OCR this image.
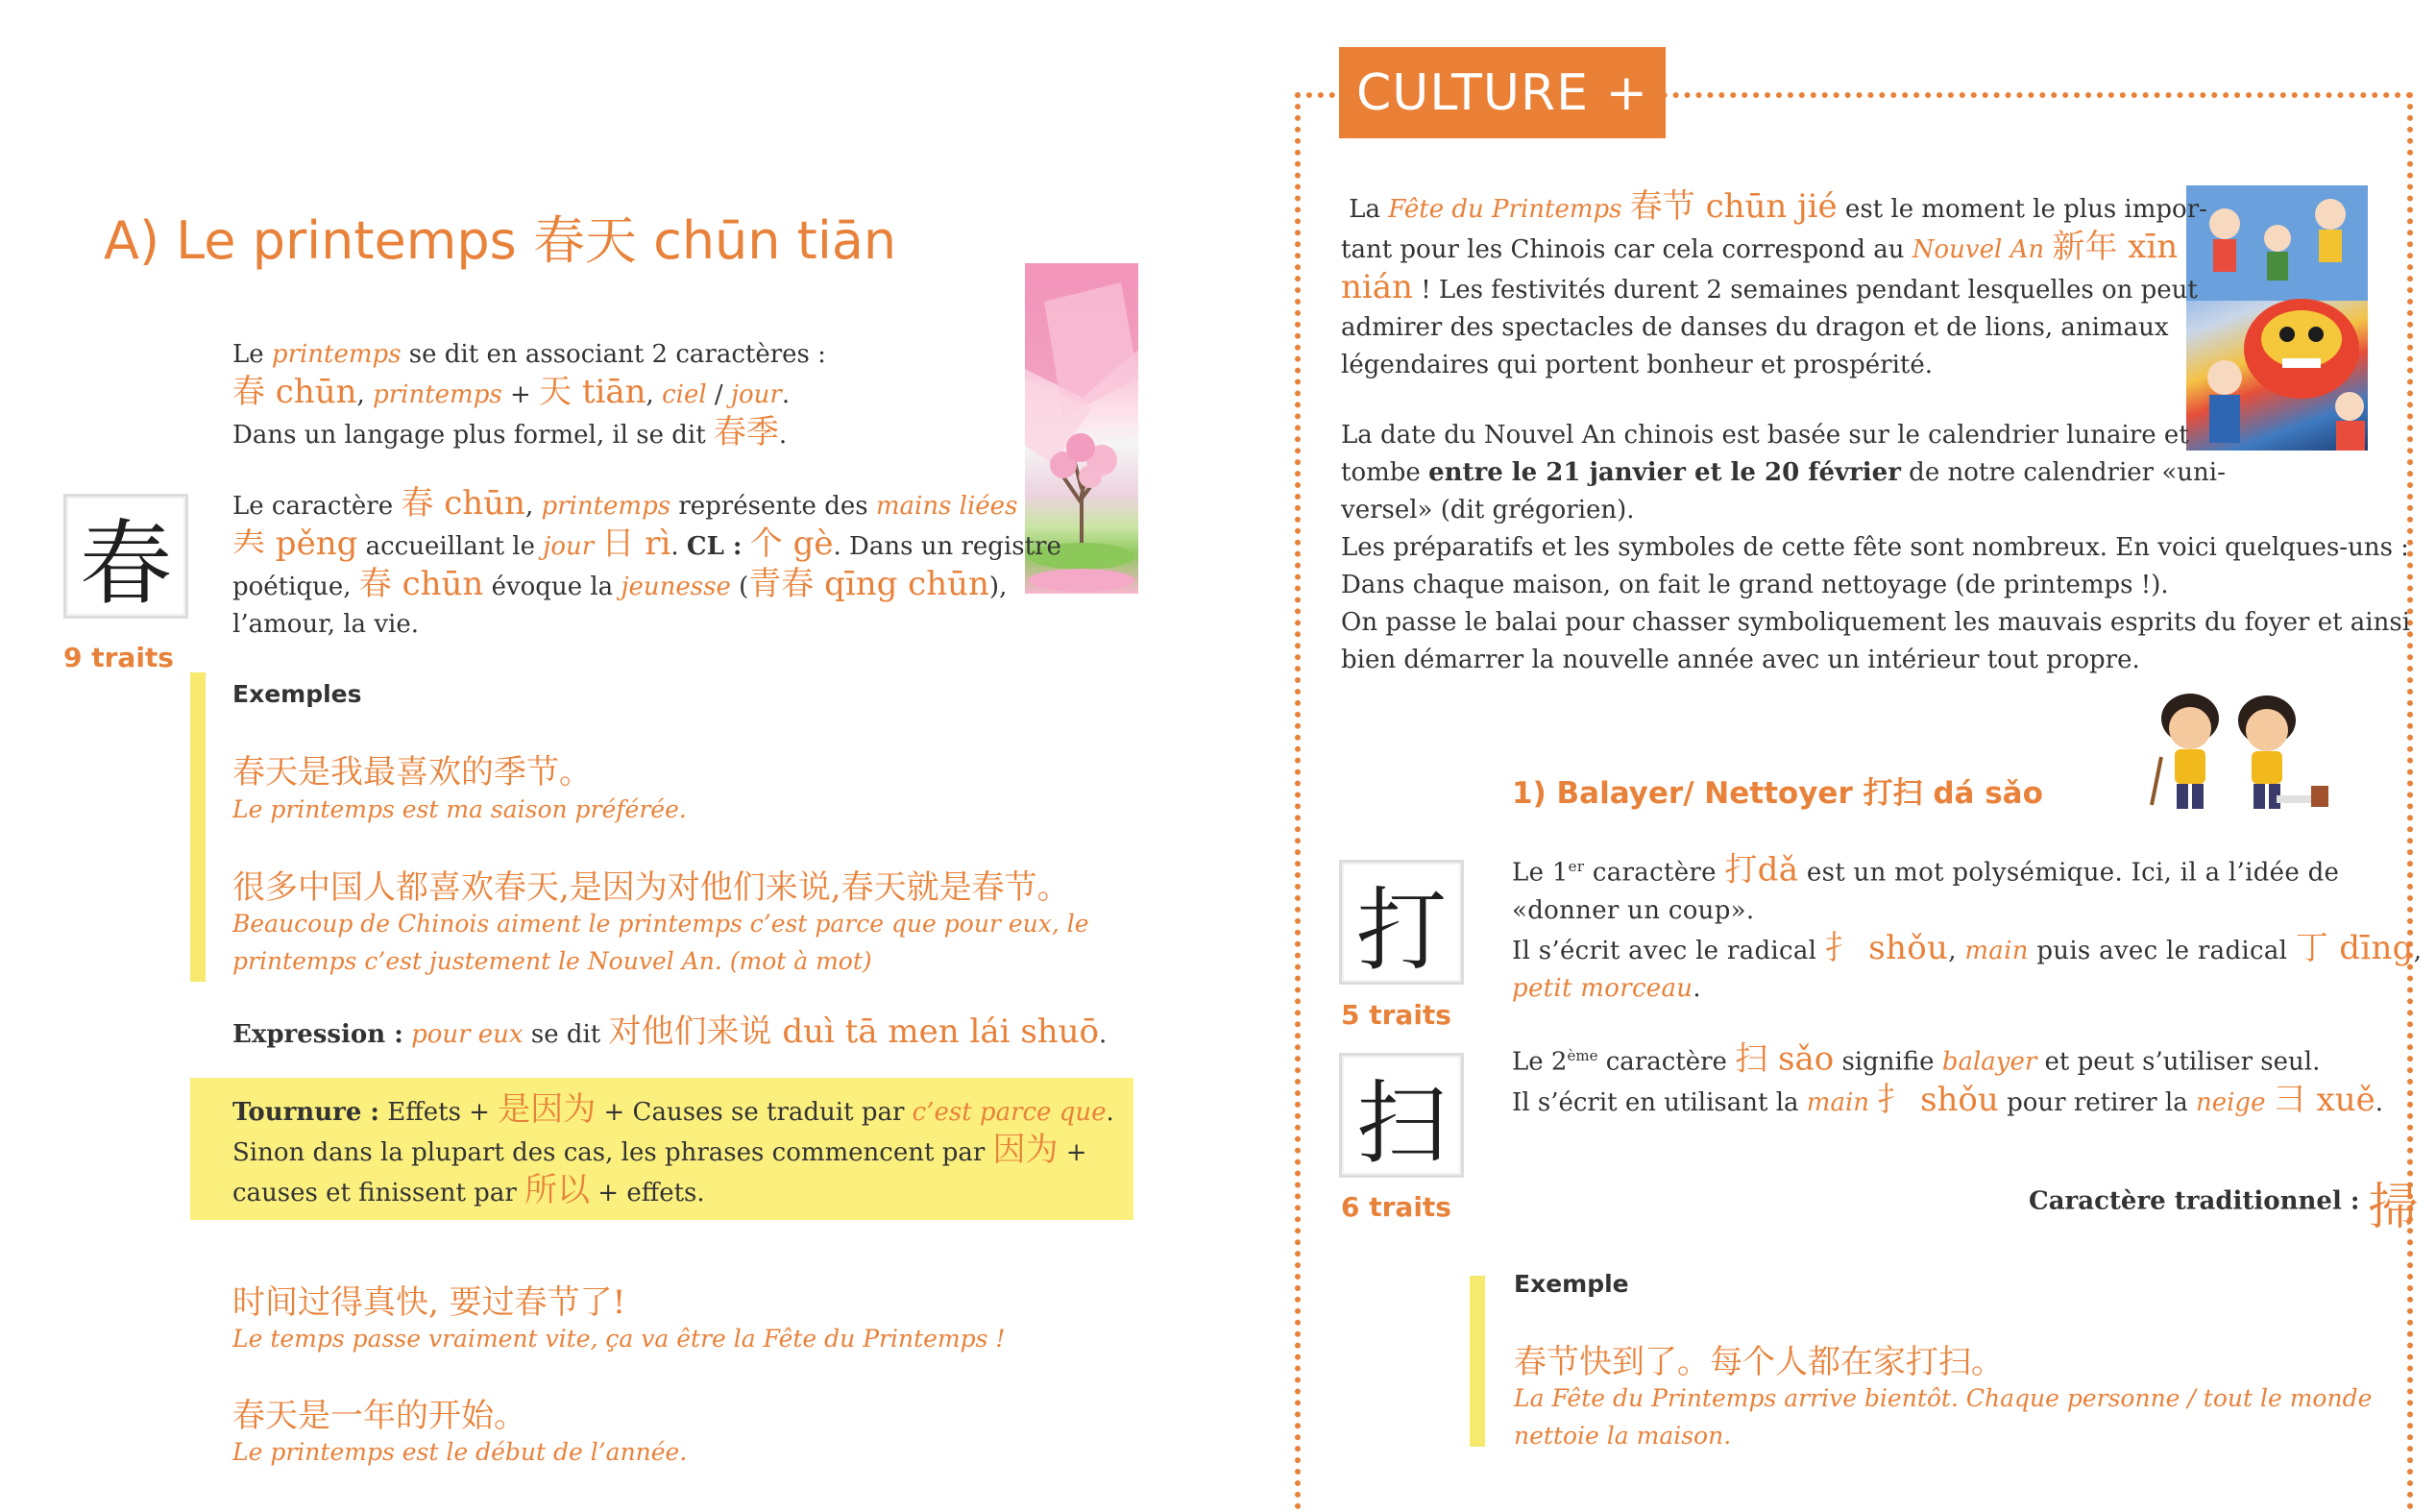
A) Le printemps 春天 chūn tiān
Le printemps se dit en associant 2 caractères :
春 chūn, printemps + 天 tiān, ciel / jour.
Dans un langage plus formel, il se dit 春季.
春
9 traits
Le caractère 春 chūn, printemps représente des mains liées
𡗗 pěng accueillant le jour 日 rì. CL : 个 gè. Dans un registre
poétique, 春 chūn évoque la jeunesse (青春 qīng chūn),
l’amour, la vie.
Exemples
春天是我最喜欢的季节。
Le printemps est ma saison préférée.
很多中国人都喜欢春天,是因为对他们来说,春天就是春节。
Beaucoup de Chinois aiment le printemps c’est parce que pour eux, le
printemps c’est justement le Nouvel An. (mot à mot)
Expression : pour eux se dit 对他们来说 duì tā men lái shuō.
Tournure : Effets + 是因为 + Causes se traduit par c’est parce que.
Sinon dans la plupart des cas, les phrases commencent par 因为 +
causes et finissent par 所以 + effets.
时间过得真快, 要过春节了!
Le temps passe vraiment vite, ça va être la Fête du Printemps !
春天是一年的开始。
Le printemps est le début de l’année.
CULTURE +
La Fête du Printemps 春节 chūn jié est le moment le plus impor-
tant pour les Chinois car cela correspond au Nouvel An 新年 xīn
nián ! Les festivités durent 2 semaines pendant lesquelles on peut
admirer des spectacles de danses du dragon et de lions, animaux
légendaires qui portent bonheur et prospérité.
La date du Nouvel An chinois est basée sur le calendrier lunaire et
tombe entre le 21 janvier et le 20 février de notre calendrier «uni-
versel» (dit grégorien).
Les préparatifs et les symboles de cette fête sont nombreux. En voici quelques-uns :
Dans chaque maison, on fait le grand nettoyage (de printemps !).
On passe le balai pour chasser symboliquement les mauvais esprits du foyer et ainsi
bien démarrer la nouvelle année avec un intérieur tout propre.
1) Balayer/ Nettoyer 打扫 dá sǎo
打
5 traits
扫
6 traits
Le 1er caractère 打dǎ est un mot polysémique. Ici, il a l’idée de
«donner un coup».
Il s’écrit avec le radical 扌 shǒu, main puis avec le radical 丁 dīng,
petit morceau.
Le 2ème caractère 扫 sǎo signifie balayer et peut s’utiliser seul.
Il s’écrit en utilisant la main 扌 shǒu pour retirer la neige 彐 xuě.
Caractère traditionnel : 掃
Exemple
春节快到了。每个人都在家打扫。
La Fête du Printemps arrive bientôt. Chaque personne / tout le monde
nettoie la maison.
